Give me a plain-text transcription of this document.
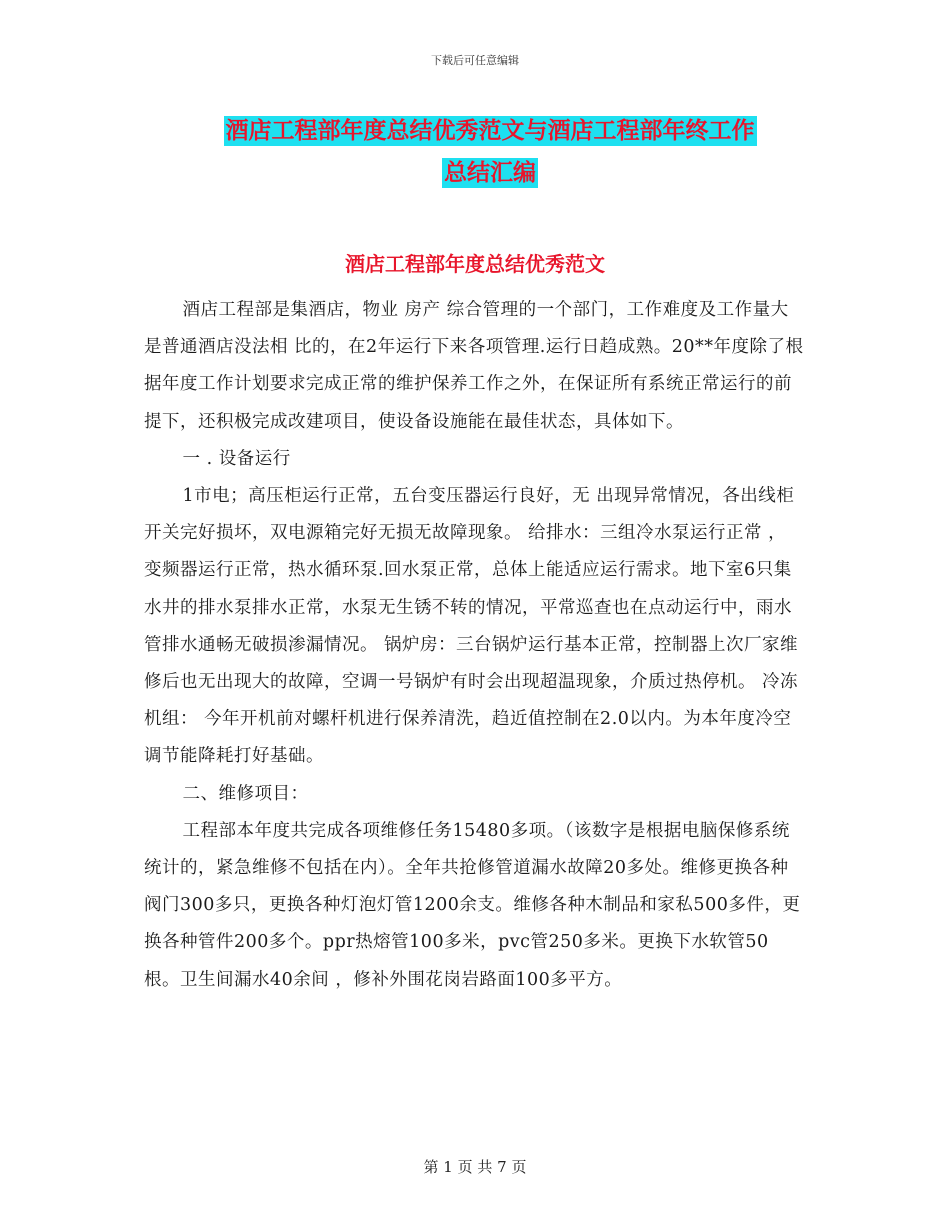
下载后可任意编辑
酒店工程部年度总结优秀范文与酒店工程部年终工作
总结汇编
酒店工程部年度总结优秀范文

酒店工程部是集酒店，物业 房产 综合管理的一个部门，工作难度及工作量大是普通酒店没法相 比的，在2年运行下来各项管理.运行日趋成熟。20**年度除了根据年度工作计划要求完成正常的维护保养工作之外，在保证所有系统正常运行的前提下，还积极完成改建项目，使设备设施能在最佳状态，具体如下。

一 . 设备运行

1市电；高压柜运行正常，五台变压器运行良好，无 出现异常情况，各出线柜开关完好损坏，双电源箱完好无损无故障现象。 给排水：三组冷水泵运行正常 ，变频器运行正常，热水循环泵.回水泵正常，总体上能适应运行需求。地下室6只集水井的排水泵排水正常，水泵无生锈不转的情况，平常巡查也在点动运行中，雨水管排水通畅无破损渗漏情况。 锅炉房：三台锅炉运行基本正常，控制器上次厂家维修后也无出现大的故障，空调一号锅炉有时会出现超温现象，介质过热停机。 冷冻机组： 今年开机前对螺杆机进行保养清洗，趋近值控制在2.0以内。为本年度冷空调节能降耗打好基础。

二、维修项目：

工程部本年度共完成各项维修任务15480多项。（该数字是根据电脑保修系统统计的，紧急维修不包括在内）。全年共抢修管道漏水故障20多处。维修更换各种阀门300多只，更换各种灯泡灯管1200余支。维修各种木制品和家私500多件，更换各种管件200多个。ppr热熔管100多米，pvc管250多米。更换下水软管50根。卫生间漏水40余间 ，修补外围花岗岩路面100多平方。

第 1 页 共 7 页
